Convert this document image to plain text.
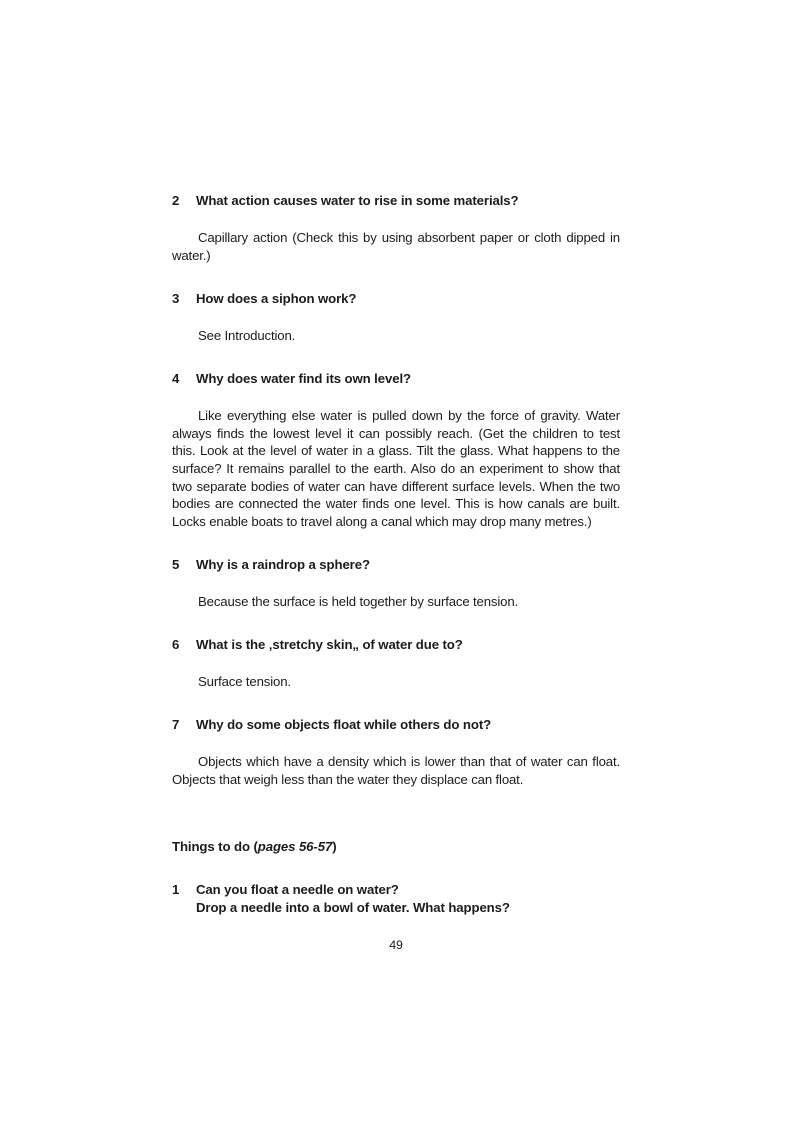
2	What action causes water to rise in some materials?

Capillary action (Check this by using absorbent paper or cloth dipped in water.)

3	How does a siphon work?

See Introduction.

4	Why does water find its own level?

Like everything else water is pulled down by the force of gravity. Water always finds the lowest level it can possibly reach. (Get the children to test this. Look at the level of water in a glass. Tilt the glass. What happens to the surface? It remains parallel to the earth. Also do an experiment to show that two separate bodies of water can have different surface levels. When the two bodies are connected the water finds one level. This is how canals are built. Locks enable boats to travel along a canal which may drop many metres.)

5	Why is a raindrop a sphere?

Because the surface is held together by surface tension.

6	What is the ‚stretchy skin„ of water due to?

Surface tension.

7	Why do some objects float while others do not?

Objects which have a density which is lower than that of water can float. Objects that weigh less than the water they displace can float.

Things to do (pages 56-57)
1	Can you float a needle on water?
Drop a needle into a bowl of water. What happens?
49
